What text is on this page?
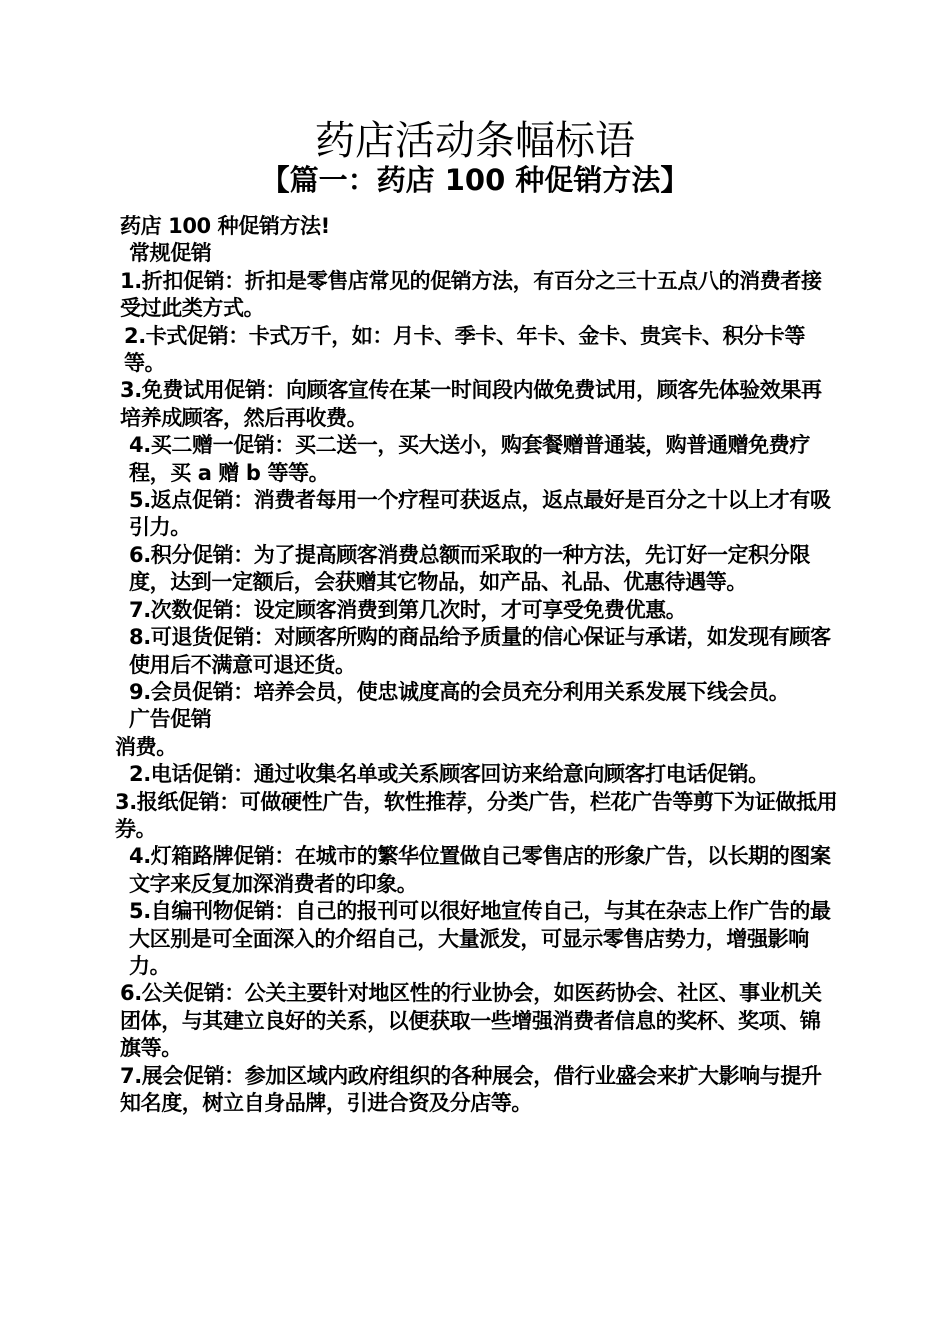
药店活动条幅标语
【篇一：药店 100 种促销方法】

药店 100 种促销方法!

常规促销

1.折扣促销：折扣是零售店常见的促销方法，有百分之三十五点八的消费者接受过此类方式。

2.卡式促销：卡式万千，如：月卡、季卡、年卡、金卡、贵宾卡、积分卡等等。

3.免费试用促销：向顾客宣传在某一时间段内做免费试用，顾客先体验效果再培养成顾客，然后再收费。

4.买二赠一促销：买二送一，买大送小，购套餐赠普通装，购普通赠免费疗程，买 a 赠 b 等等。

5.返点促销：消费者每用一个疗程可获返点，返点最好是百分之十以上才有吸引力。

6.积分促销：为了提高顾客消费总额而采取的一种方法，先订好一定积分限度，达到一定额后，会获赠其它物品，如产品、礼品、优惠待遇等。

7.次数促销：设定顾客消费到第几次时，才可享受免费优惠。

8.可退货促销：对顾客所购的商品给予质量的信心保证与承诺，如发现有顾客使用后不满意可退还货。

9.会员促销：培养会员，使忠诚度高的会员充分利用关系发展下线会员。

广告促销

消费。

2.电话促销：通过收集名单或关系顾客回访来给意向顾客打电话促销。

3.报纸促销：可做硬性广告，软性推荐，分类广告，栏花广告等剪下为证做抵用券。

4.灯箱路牌促销：在城市的繁华位置做自己零售店的形象广告，以长期的图案文字来反复加深消费者的印象。

5.自编刊物促销：自己的报刊可以很好地宣传自己，与其在杂志上作广告的最大区别是可全面深入的介绍自己，大量派发，可显示零售店势力，增强影响力。

6.公关促销：公关主要针对地区性的行业协会，如医药协会、社区、事业机关团体，与其建立良好的关系，以便获取一些增强消费者信息的奖杯、奖项、锦旗等。

7.展会促销：参加区域内政府组织的各种展会，借行业盛会来扩大影响与提升知名度，树立自身品牌，引进合资及分店等。
